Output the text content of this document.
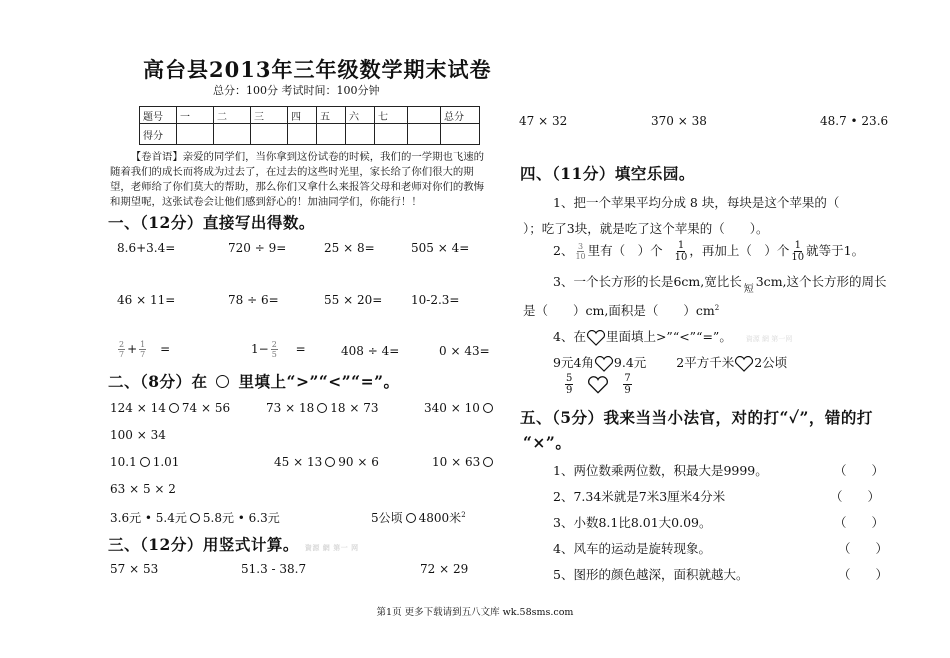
高台县2013年三年级数学期末试卷
总分：100分 考试时间：100分钟
题号	一	二	三	四	五	六	七		总分
得分									
【卷首语】亲爱的同学们，当你拿到这份试卷的时候，我们的一学期也飞速的随着我们的成长而将成为过去了，在过去的这些时光里，家长给了你们很大的期望，老师给了你们莫大的帮助，那么你们又拿什么来报答父母和老师对你们的教悔和期望呢，这张试卷会让他们感到舒心的！加油同学们，你能行！！
一、（12分）直接写出得数。
8.6+3.4=	720 ÷ 9=	25 × 8=	505 × 4=
46 × 11=	78 ÷ 6=	55 × 20= 10-2.3=
$\frac{2}{7} + \frac{1}{7}$ =	$1- \frac{2}{5}$ =	408 ÷ 4=	0 × 43=
二、（8分）在 里填上“>”“<”“=”。
124 × 14 74 × 56	73 × 18 18 × 73	340 × 10
100 × 34
10.1 1.01	45 × 13 90 × 6	10 × 63
63 × 5 × 2
3.6元 • 5.4元 5.8元 • 6.3元	5公顷 4800米$^2$
三、（12分）用竖式计算。 資源 網 第一 网
57 × 53	51.3 - 38.7	72 × 29
47 × 32	370 × 38	48.7 • 23.6
四、（11分）填空乐园。
1、把一个苹果平均分成 8 块，每块是这个苹果的（
）；吃了3块，就是吃了这个苹果的（　　）。
2、 $\frac{3}{10}$ 里有（　）个 $\frac{1}{10}$ ，再加上（　）个 $\frac{1}{10}$ 就等于1。
3、一个长方形的长是6cm,宽比长$_短$3cm,这个长方形的周长
是（　　）cm,面积是（　　）$cm^2$
4、在 里面填上>”“<”“=”。 資源 網 第一网
9元4角 9.4元 2平方千米 2公顷
$\frac{5}{9}$
	$\frac{7}{9}$
五、（5分）我来当当小法官，对的打“✓”，错的打
“×”。
1、两位数乘两位数，积最大是9999。	（　　）
2、7.34米就是7米3厘米4分米	（　　）
3、小数8.1比8.01大0.09。	（　　）
4、风车的运动是旋转现象。	（　　）
5、图形的颜色越深，面积就越大。	（　　）
第1页 更多下载请到五八文库 wk.58sms.com
